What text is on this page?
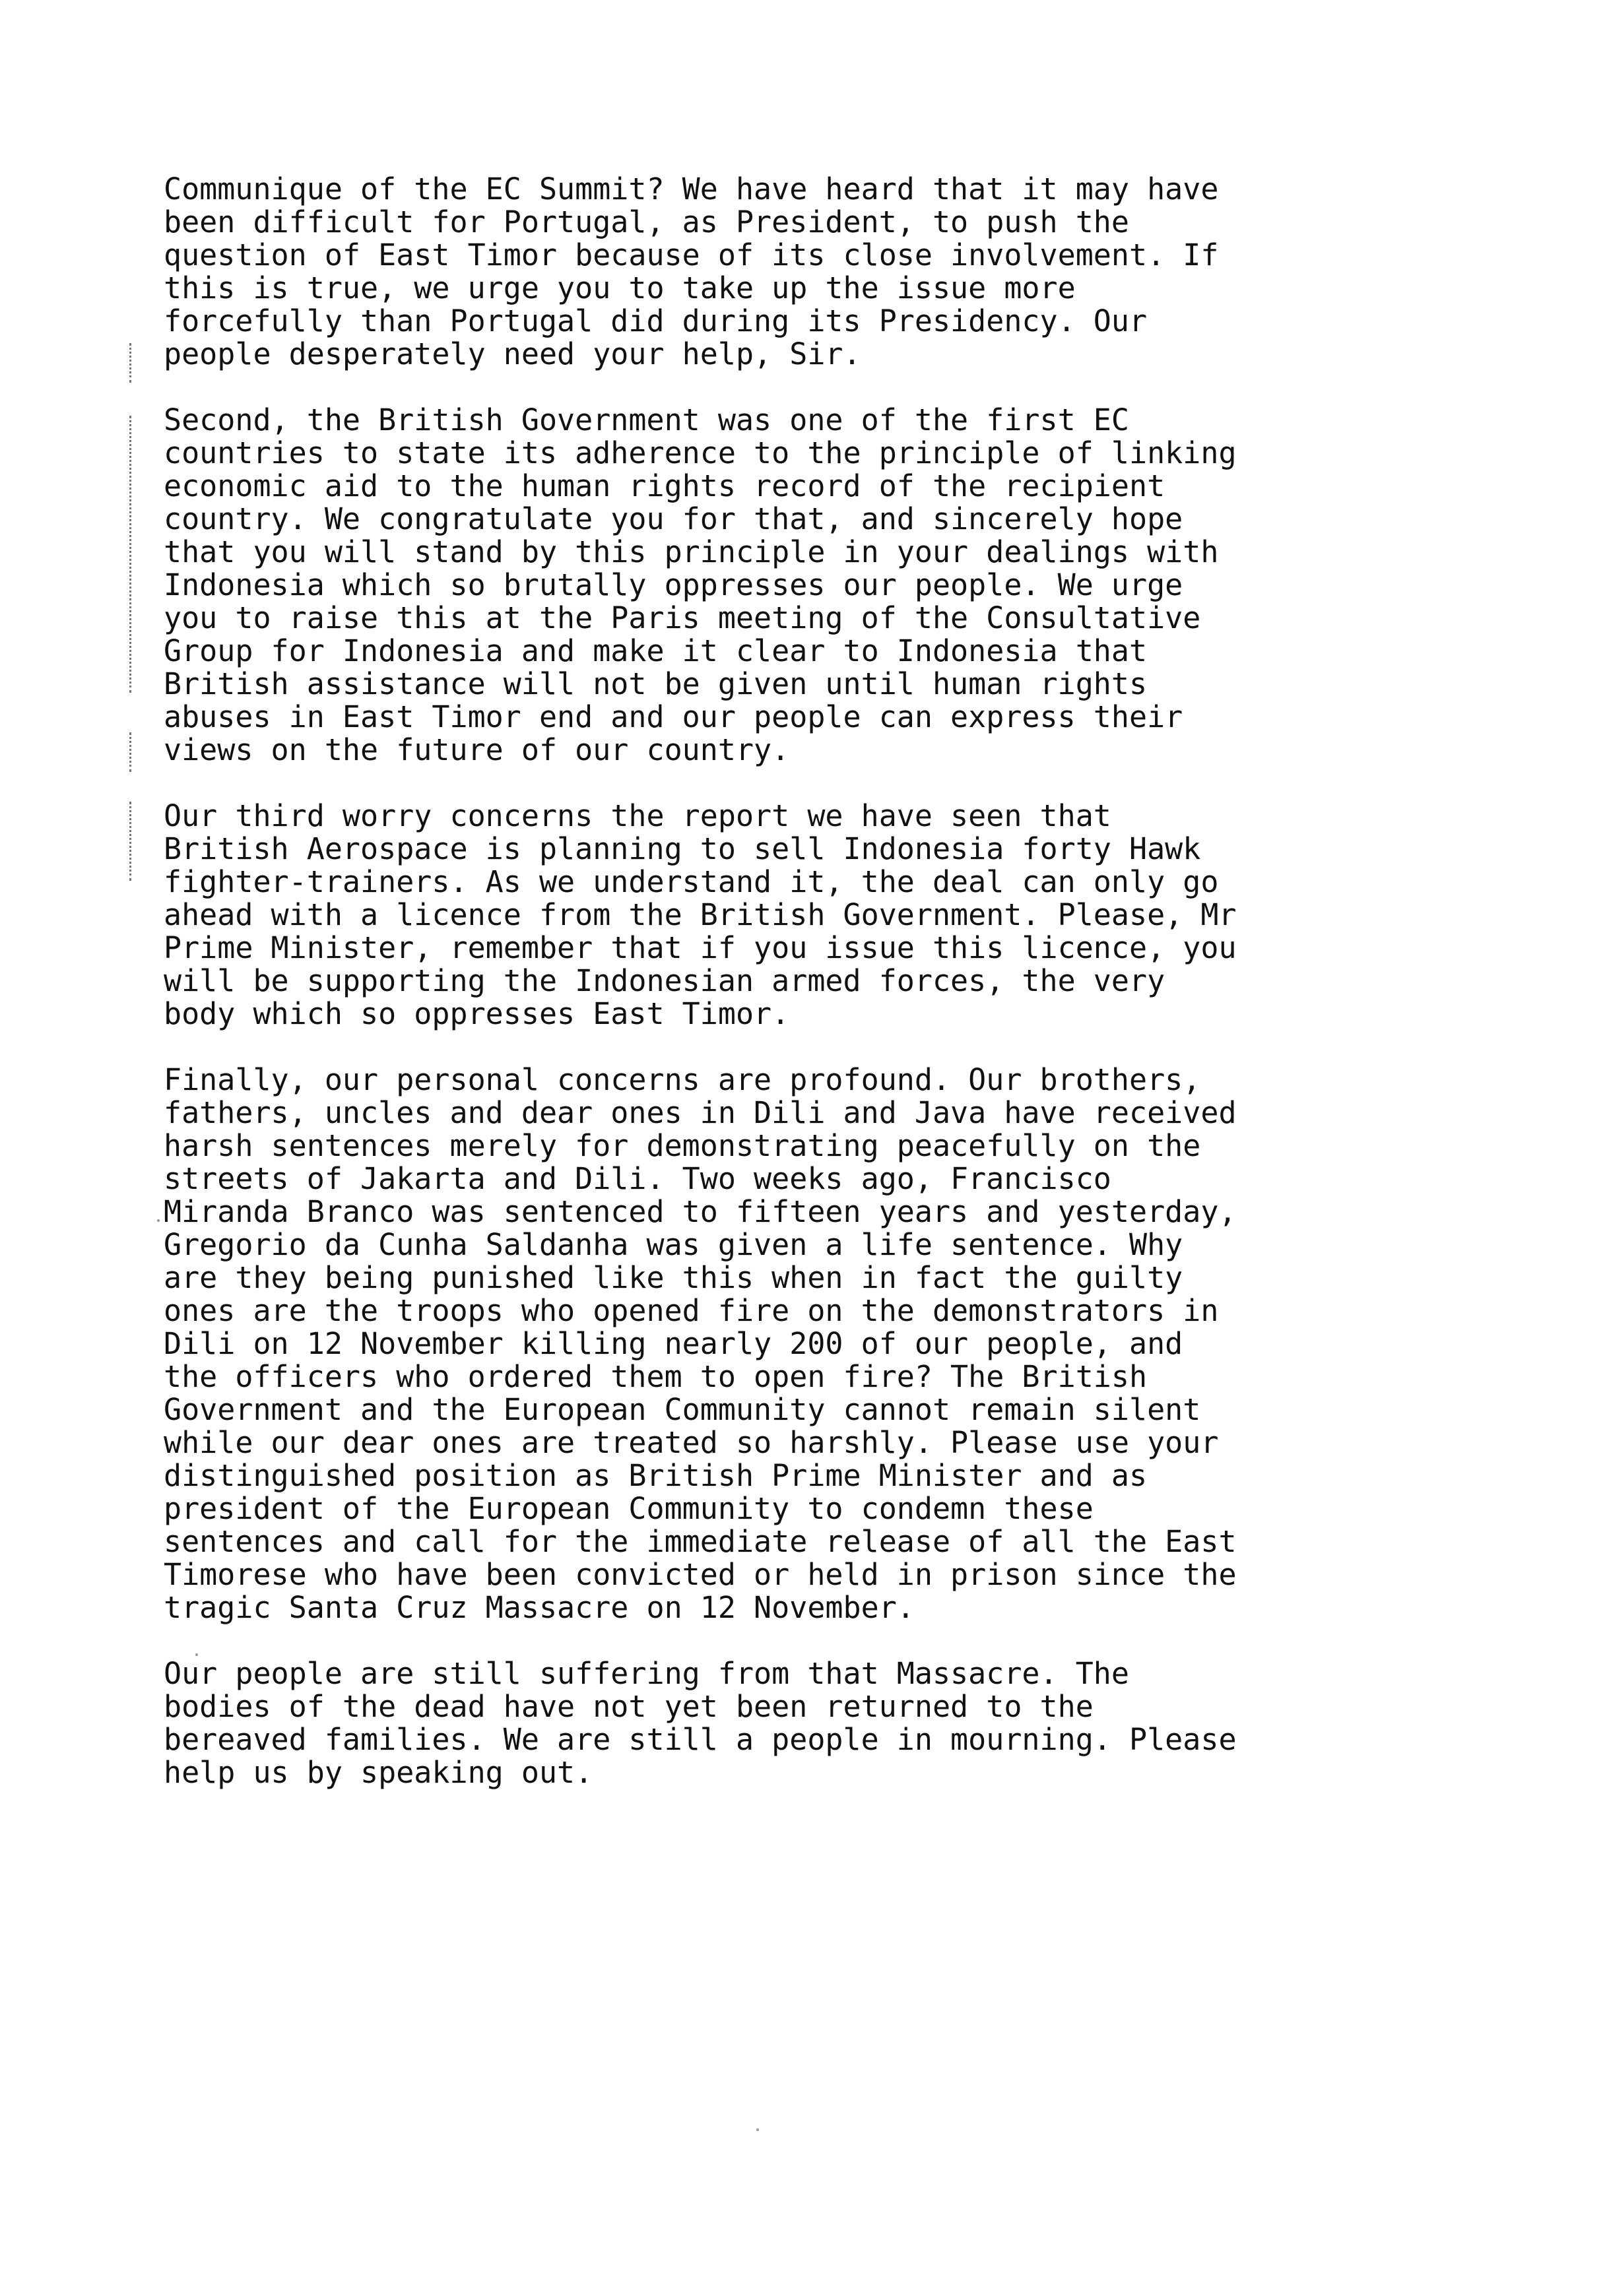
Communique of the EC Summit? We have heard that it may have
been difficult for Portugal, as President, to push the
question of East Timor because of its close involvement. If
this is true, we urge you to take up the issue more
forcefully than Portugal did during its Presidency. Our
people desperately need your help, Sir.
Second, the British Government was one of the first EC
countries to state its adherence to the principle of linking
economic aid to the human rights record of the recipient
country. We congratulate you for that, and sincerely hope
that you will stand by this principle in your dealings with
Indonesia which so brutally oppresses our people. We urge
you to raise this at the Paris meeting of the Consultative
Group for Indonesia and make it clear to Indonesia that
British assistance will not be given until human rights
abuses in East Timor end and our people can express their
views on the future of our country.
Our third worry concerns the report we have seen that
British Aerospace is planning to sell Indonesia forty Hawk
fighter-trainers. As we understand it, the deal can only go
ahead with a licence from the British Government. Please, Mr
Prime Minister, remember that if you issue this licence, you
will be supporting the Indonesian armed forces, the very
body which so oppresses East Timor.
Finally, our personal concerns are profound. Our brothers,
fathers, uncles and dear ones in Dili and Java have received
harsh sentences merely for demonstrating peacefully on the
streets of Jakarta and Dili. Two weeks ago, Francisco
Miranda Branco was sentenced to fifteen years and yesterday,
Gregorio da Cunha Saldanha was given a life sentence. Why
are they being punished like this when in fact the guilty
ones are the troops who opened fire on the demonstrators in
Dili on 12 November killing nearly 200 of our people, and
the officers who ordered them to open fire? The British
Government and the European Community cannot remain silent
while our dear ones are treated so harshly. Please use your
distinguished position as British Prime Minister and as
president of the European Community to condemn these
sentences and call for the immediate release of all the East
Timorese who have been convicted or held in prison since the
tragic Santa Cruz Massacre on 12 November.
Our people are still suffering from that Massacre. The
bodies of the dead have not yet been returned to the
bereaved families. We are still a people in mourning. Please
help us by speaking out.
